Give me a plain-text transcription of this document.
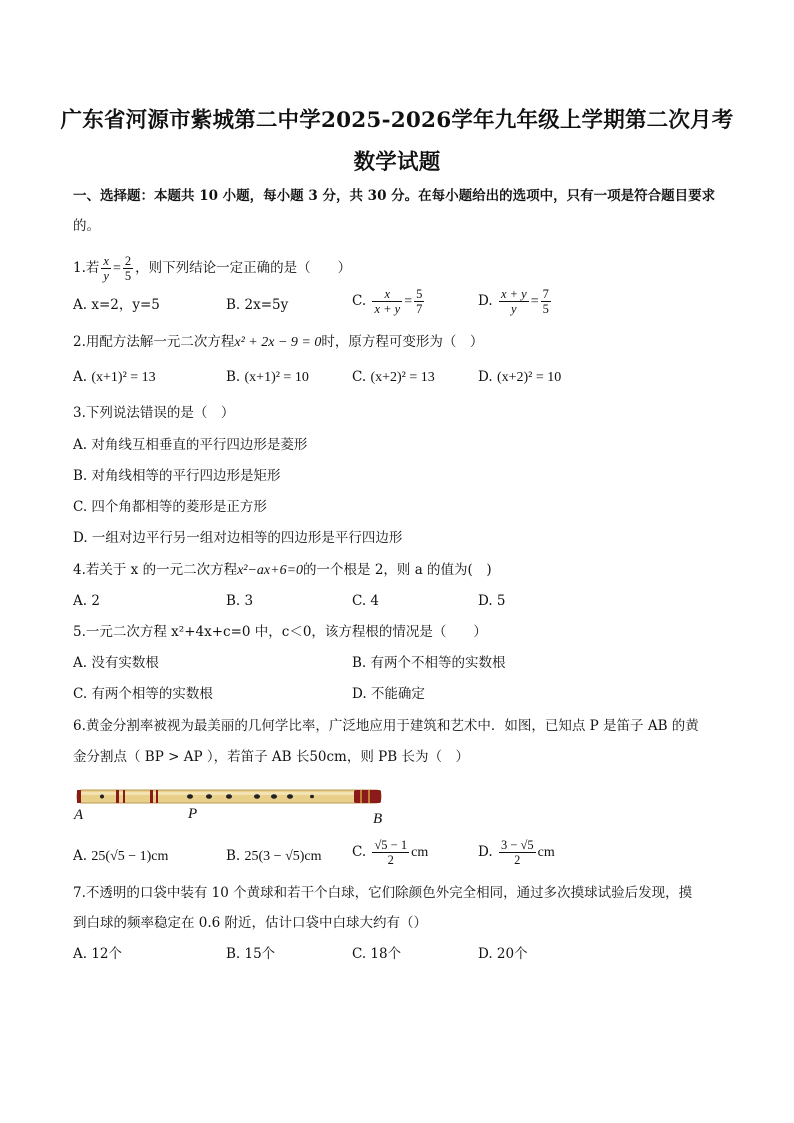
广东省河源市紫城第二中学2025-2026学年九年级上学期第二次月考
数学试题
一、选择题：本题共 10 小题，每小题 3 分，共 30 分。在每小题给出的选项中，只有一项是符合题目要求
的。
1.若 $\frac{x}{y} = \frac{2}{5}$ ，则下列结论一定正确的是（　　）
A. x=2，y=5	B. 2x=5y	C. $\frac{x}{x + y} = \frac{5}{7}$	D. $\frac{x + y}{y} = \frac{7}{5}$
2.用配方法解一元二次方程x² + 2x − 9 = 0时，原方程可变形为（　）
A. (x+1)² = 13	B. (x+1)² = 10	C. (x+2)² = 13	D. (x+2)² = 10
3.下列说法错误的是（　）
A. 对角线互相垂直的平行四边形是菱形
B. 对角线相等的平行四边形是矩形
C. 四个角都相等的菱形是正方形
D. 一组对边平行另一组对边相等的四边形是平行四边形
4.若关于 x 的一元二次方程x²−ax+6=0的一个根是 2，则 a 的值为(　)
A. 2	B. 3	C. 4	D. 5
5.一元二次方程 x²+4x+c=0 中，c＜0，该方程根的情况是（　　）
A. 没有实数根	B. 有两个不相等的实数根
C. 有两个相等的实数根	D. 不能确定
6.黄金分割率被视为最美丽的几何学比率，广泛地应用于建筑和艺术中．如图，已知点 P 是笛子 AB 的黄
金分割点（ BP > AP ），若笛子 AB 长50cm，则 PB 长为（　）
A	P	B
A. 25(√5 − 1)cm	B. 25(3 − √5)cm C. $\frac{√5 - 1}{2}$ cm	D. $\frac{3 - √5}{2}$ cm
7.不透明的口袋中装有 10 个黄球和若干个白球，它们除颜色外完全相同，通过多次摸球试验后发现，摸
到白球的频率稳定在 0.6 附近，估计口袋中白球大约有（）
A. 12个	B. 15个	C. 18个	D. 20个
